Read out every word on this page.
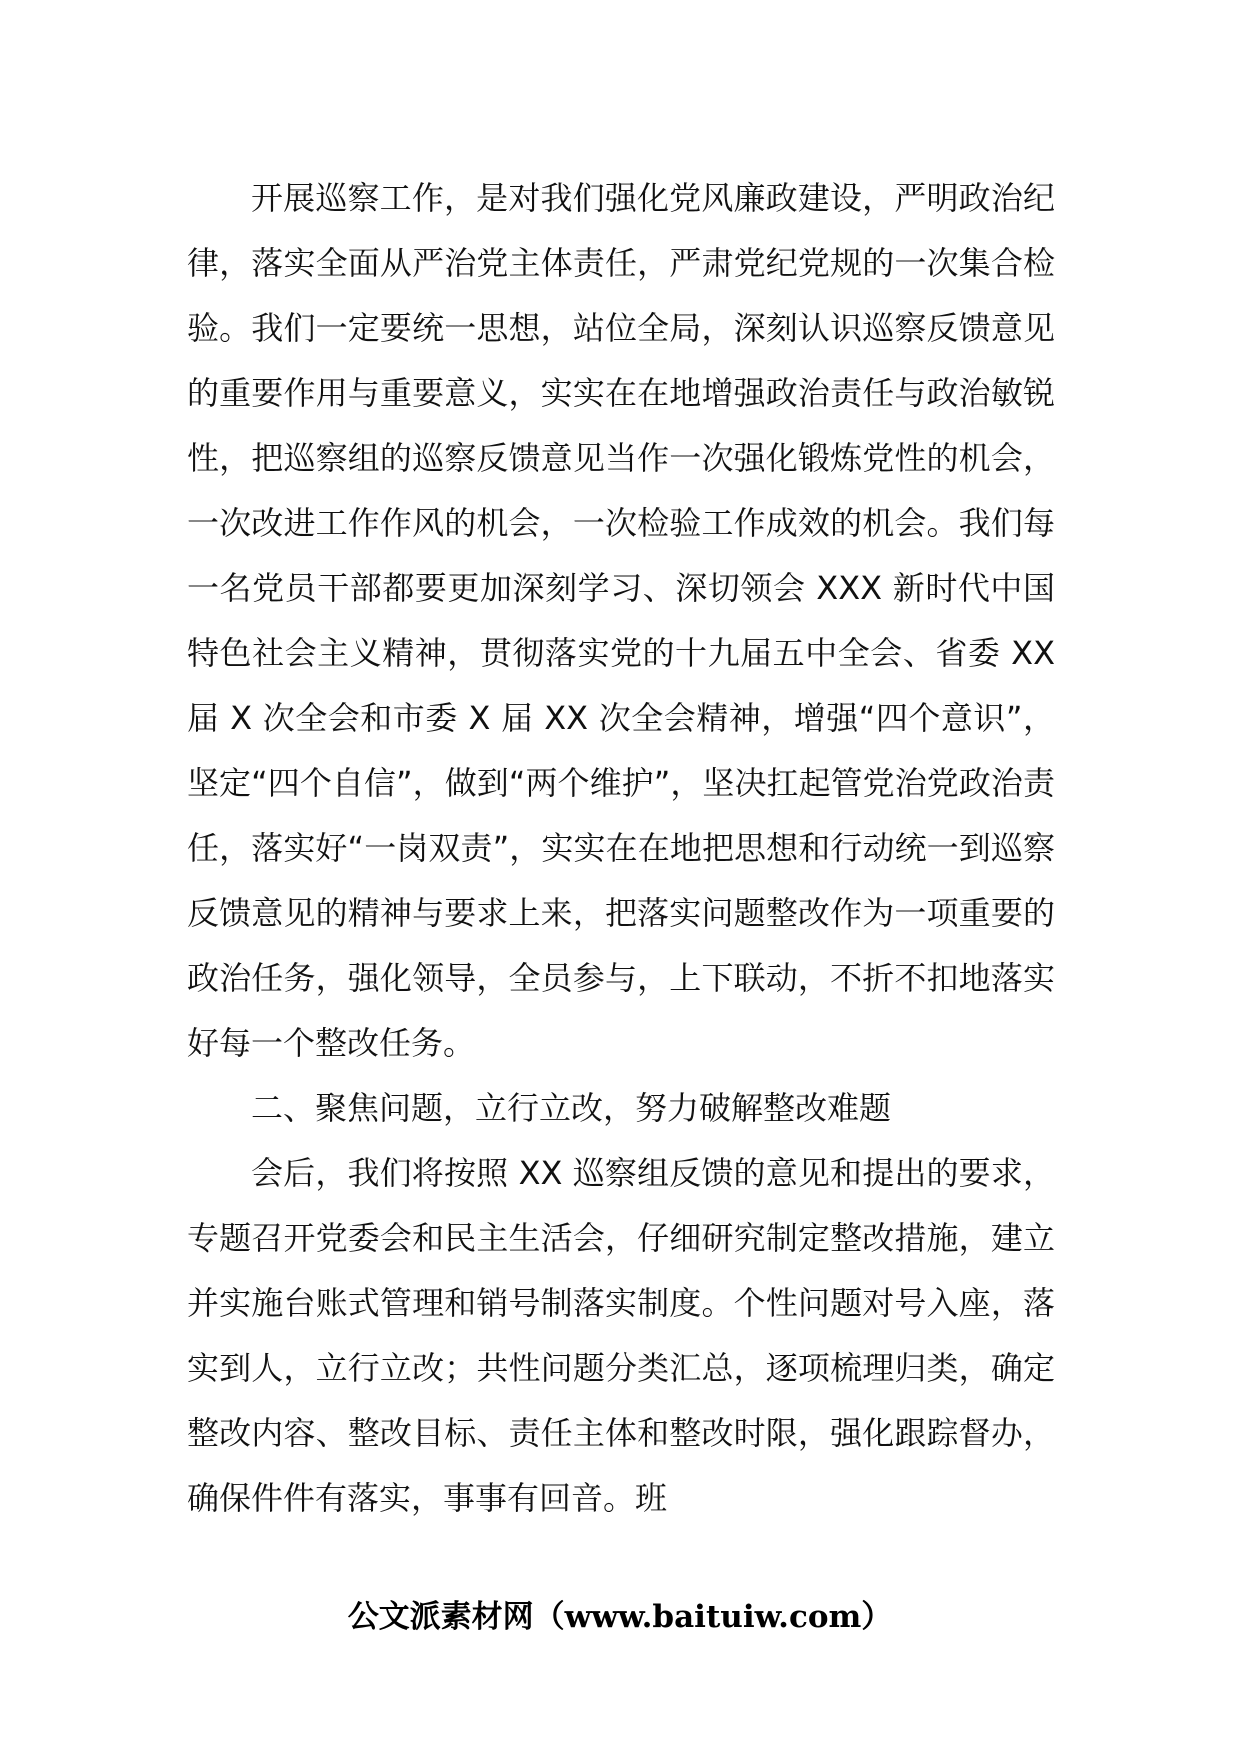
开展巡察工作，是对我们强化党风廉政建设，严明政治纪律，落实全面从严治党主体责任，严肃党纪党规的一次集合检验。我们一定要统一思想，站位全局，深刻认识巡察反馈意见的重要作用与重要意义，实实在在地增强政治责任与政治敏锐性，把巡察组的巡察反馈意见当作一次强化锻炼党性的机会，一次改进工作作风的机会，一次检验工作成效的机会。我们每一名党员干部都要更加深刻学习、深切领会 XXX 新时代中国特色社会主义精神，贯彻落实党的十九届五中全会、省委 XX 届 X 次全会和市委 X 届 XX 次全会精神，增强“四个意识”，坚定“四个自信”，做到“两个维护”，坚决扛起管党治党政治责任，落实好“一岗双责”，实实在在地把思想和行动统一到巡察反馈意见的精神与要求上来，把落实问题整改作为一项重要的政治任务，强化领导，全员参与，上下联动，不折不扣地落实好每一个整改任务。

二、聚焦问题，立行立改，努力破解整改难题

会后，我们将按照 XX 巡察组反馈的意见和提出的要求，专题召开党委会和民主生活会，仔细研究制定整改措施，建立并实施台账式管理和销号制落实制度。个性问题对号入座，落实到人，立行立改；共性问题分类汇总，逐项梳理归类，确定整改内容、整改目标、责任主体和整改时限，强化跟踪督办，确保件件有落实，事事有回音。班

公文派素材网（www.baituiw.com）
